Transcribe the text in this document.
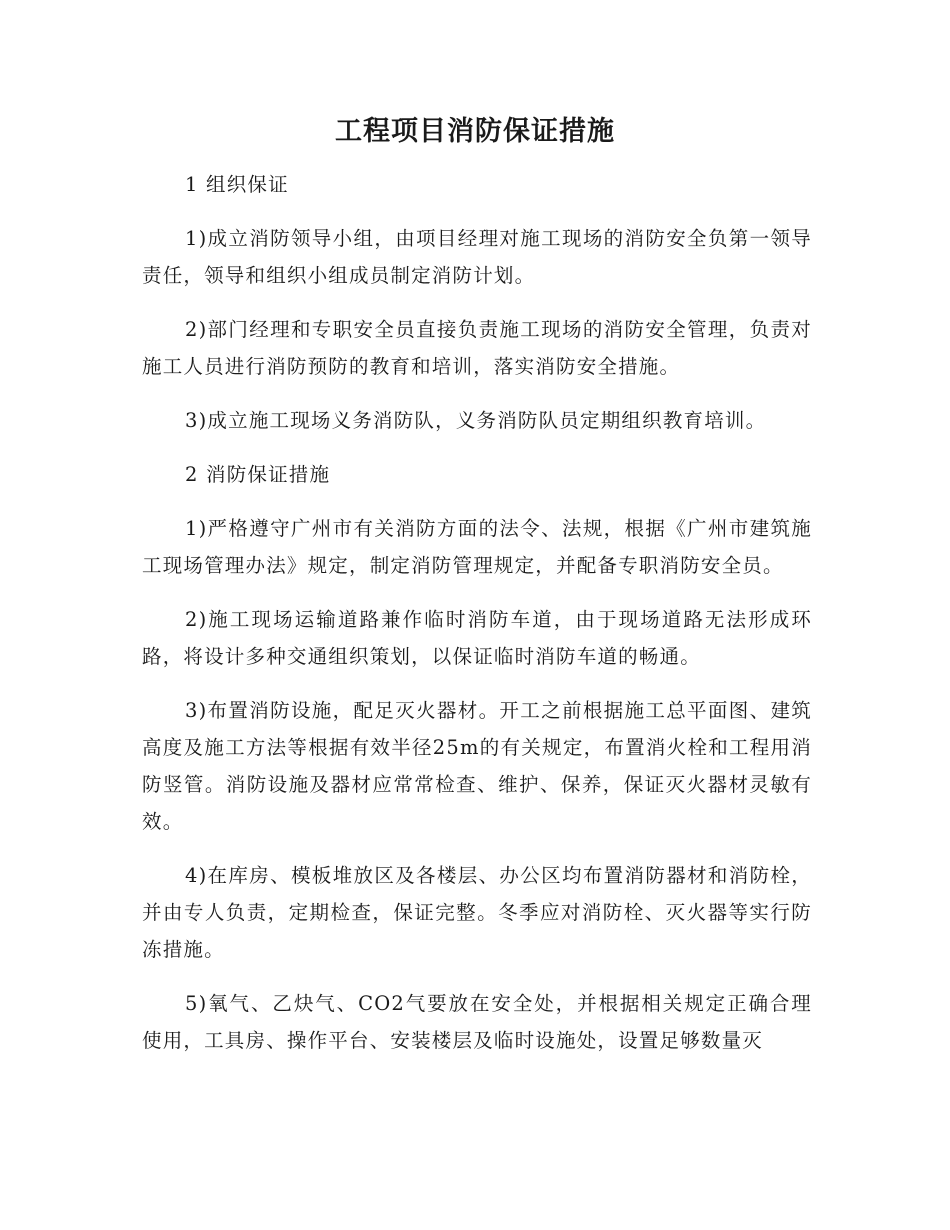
工程项目消防保证措施

1 组织保证

1)成立消防领导小组，由项目经理对施工现场的消防安全负第一领导责任，领导和组织小组成员制定消防计划。

2)部门经理和专职安全员直接负责施工现场的消防安全管理，负责对施工人员进行消防预防的教育和培训，落实消防安全措施。

3)成立施工现场义务消防队，义务消防队员定期组织教育培训。

2 消防保证措施

1)严格遵守广州市有关消防方面的法令、法规，根据《广州市建筑施工现场管理办法》规定，制定消防管理规定，并配备专职消防安全员。

2)施工现场运输道路兼作临时消防车道，由于现场道路无法形成环路，将设计多种交通组织策划，以保证临时消防车道的畅通。

3)布置消防设施，配足灭火器材。开工之前根据施工总平面图、建筑高度及施工方法等根据有效半径25m的有关规定，布置消火栓和工程用消防竖管。消防设施及器材应常常检查、维护、保养，保证灭火器材灵敏有效。

4)在库房、模板堆放区及各楼层、办公区均布置消防器材和消防栓，并由专人负责，定期检查，保证完整。冬季应对消防栓、灭火器等实行防冻措施。

5)氧气、乙炔气、CO2气要放在安全处，并根据相关规定正确合理使用，工具房、操作平台、安装楼层及临时设施处，设置足够数量灭
